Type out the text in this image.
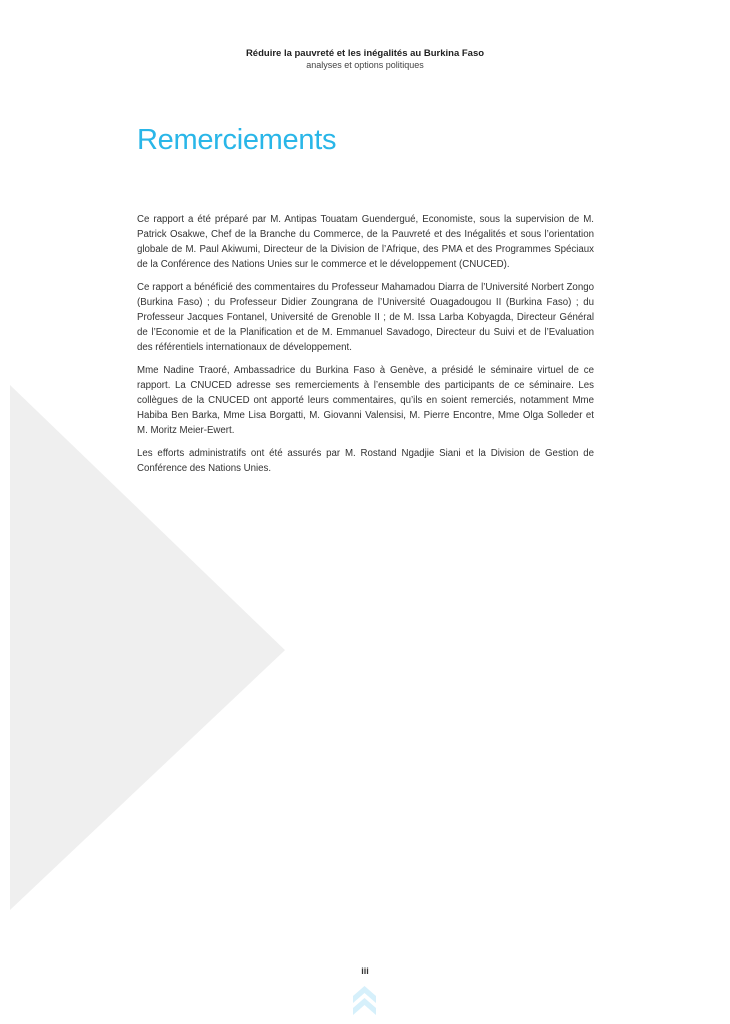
Réduire la pauvreté et les inégalités au Burkina Faso
analyses et options politiques
Remerciements

Ce rapport a été préparé par M. Antipas Touatam Guendergué, Economiste, sous la supervision de M. Patrick Osakwe, Chef de la Branche du Commerce, de la Pauvreté et des Inégalités et sous l’orientation globale de M. Paul Akiwumi, Directeur de la Division de l’Afrique, des PMA et des Programmes Spéciaux de la Conférence des Nations Unies sur le commerce et le développement (CNUCED).

Ce rapport a bénéficié des commentaires du Professeur Mahamadou Diarra de l’Université Norbert Zongo (Burkina Faso) ; du Professeur Didier Zoungrana de l’Université Ouagadougou II (Burkina Faso) ; du Professeur Jacques Fontanel, Université de Grenoble II ; de M. Issa Larba Kobyagda, Directeur Général de l’Economie et de la Planification et de M. Emmanuel Savadogo, Directeur du Suivi et de l’Evaluation des référentiels internationaux de développement.

Mme Nadine Traoré, Ambassadrice du Burkina Faso à Genève, a présidé le séminaire virtuel de ce rapport. La CNUCED adresse ses remerciements à l’ensemble des participants de ce séminaire. Les collègues de la CNUCED ont apporté leurs commentaires, qu’ils en soient remerciés, notamment Mme Habiba Ben Barka, Mme Lisa Borgatti, M. Giovanni Valensisi, M. Pierre Encontre, Mme Olga Solleder et M. Moritz Meier-Ewert.

Les efforts administratifs ont été assurés par M. Rostand Ngadjie Siani et la Division de Gestion de Conférence des Nations Unies.

iii
